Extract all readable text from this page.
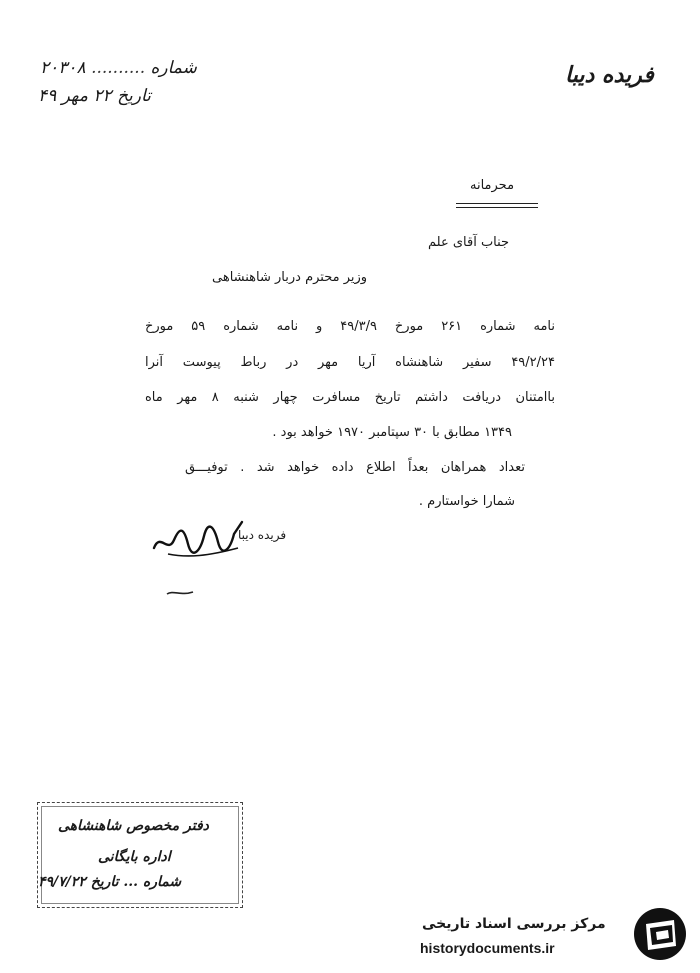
شماره .......... ۲۰۳۰۸
تاریخ ۲۲ مهر ۴۹
فریده دیبا
محرمانه
جناب آقای علم
وزیر محترم دربار شاهنشاهی
نامه شماره ۲۶۱ مورخ ۴۹/۳/۹ و نامه شماره ۵۹ مورخ
۴۹/۲/۲۴ سفیر شاهنشاه آریا مهر در رباط پیوست آنرا
باامتنان دریافت داشتم تاریخ مسافرت چهار شنبه ۸ مهر ماه
۱۳۴۹ مطابق با ۳۰ سپتامبر ۱۹۷۰ خواهد بود .
تعداد همراهان بعداً اطلاع داده خواهد شد . توفیـــق
شمارا خواستارم .
فریده دیبا
دفتر مخصوص شاهنشاهی
اداره بایگانی
شماره ... تاریخ ۴۹/۷/۲۲
مرکز بررسی اسناد تاریخی
historydocuments.ir
